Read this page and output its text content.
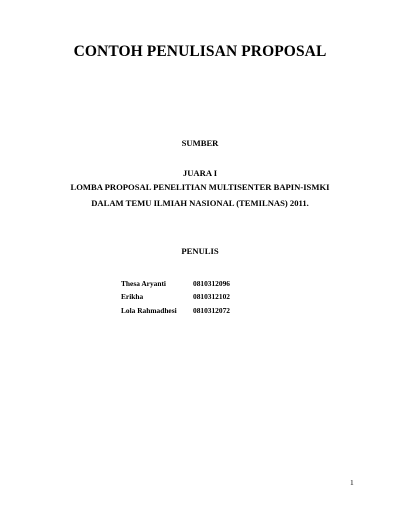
CONTOH PENULISAN PROPOSAL
SUMBER
JUARA I
LOMBA PROPOSAL PENELITIAN MULTISENTER BAPIN-ISMKI
DALAM TEMU ILMIAH NASIONAL (TEMILNAS) 2011.
PENULIS
Thesa Aryanti	0810312096
Erikha	0810312102
Lola Rahmadhesi 0810312072
1
